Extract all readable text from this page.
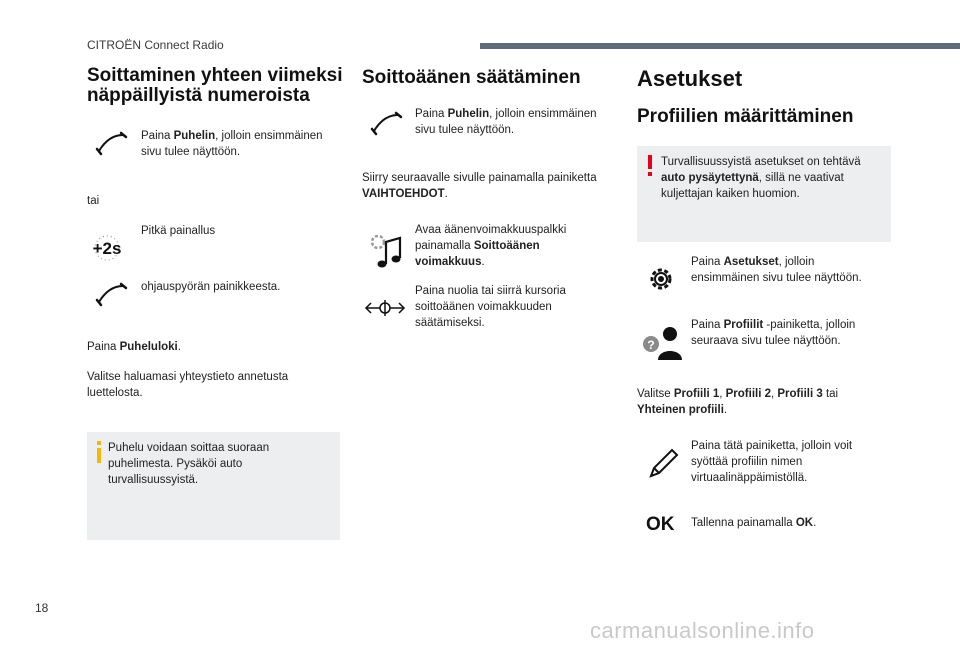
CITROËN Connect Radio
Soittaminen yhteen viimeksi näppäillyistä numeroista
Paina Puhelin, jolloin ensimmäinen sivu tulee näyttöön.
tai
+2s
Pitkä painallus
ohjauspyörän painikkeesta.
Paina Puheluloki.
Valitse haluamasi yhteystieto annetusta luettelosta.
Puhelu voidaan soittaa suoraan puhelimesta. Pysäköi auto turvallisuussyistä.
Soittoäänen säätäminen
Paina Puhelin, jolloin ensimmäinen sivu tulee näyttöön.
Siirry seuraavalle sivulle painamalla painiketta VAIHTOEHDOT.
Avaa äänenvoimakkuuspalkki painamalla Soittoäänen voimakkuus.
Paina nuolia tai siirrä kursoria soittoäänen voimakkuuden säätämiseksi.
Asetukset
Profiilien määrittäminen
Turvallisuussyistä asetukset on tehtävä auto pysäytettynä, sillä ne vaativat kuljettajan kaiken huomion.
Paina Asetukset, jolloin ensimmäinen sivu tulee näyttöön.
?
Paina Profiilit -painiketta, jolloin seuraava sivu tulee näyttöön.
Valitse Profiili 1, Profiili 2, Profiili 3 tai Yhteinen profiili.
Paina tätä painiketta, jolloin voit syöttää profiilin nimen virtuaalinäppäimistöllä.
OK Tallenna painamalla OK.
18
carmanualsonline.info
